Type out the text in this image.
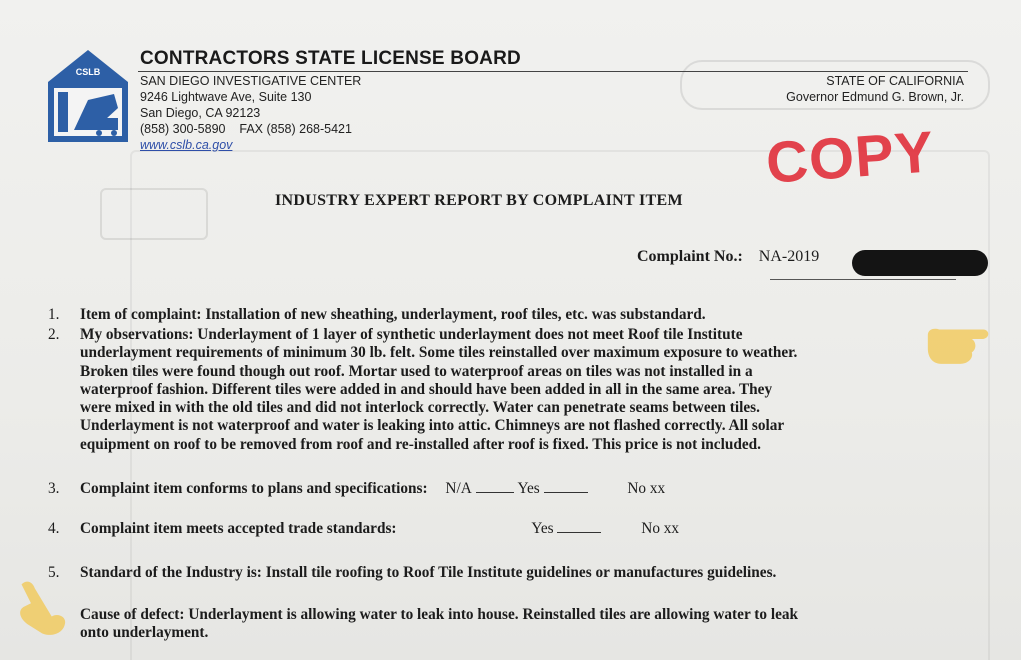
CSLB
CONTRACTORS STATE LICENSE BOARD
SAN DIEGO INVESTIGATIVE CENTER
9246 Lightwave Ave, Suite 130
San Diego, CA 92123
(858) 300-5890 FAX (858) 268-5421
www.cslb.ca.gov
STATE OF CALIFORNIA
Governor Edmund G. Brown, Jr.
COPY
INDUSTRY EXPERT REPORT BY COMPLAINT ITEM
Complaint No.: NA-2019
1. Item of complaint: Installation of new sheathing, underlayment, roof tiles, etc. was substandard.
2. My observations: Underlayment of 1 layer of synthetic underlayment does not meet Roof tile Institute
underlayment requirements of minimum 30 lb. felt. Some tiles reinstalled over maximum exposure to weather.
Broken tiles were found though out roof. Mortar used to waterproof areas on tiles was not installed in a
waterproof fashion. Different tiles were added in and should have been added in all in the same area. They
were mixed in with the old tiles and did not interlock correctly. Water can penetrate seams between tiles.
Underlayment is not waterproof and water is leaking into attic. Chimneys are not flashed correctly. All solar
equipment on roof to be removed from roof and re-installed after roof is fixed. This price is not included.
3. Complaint item conforms to plans and specifications: N/A	Yes	No xx
4. Complaint item meets accepted trade standards:	Yes	No xx
5. Standard of the Industry is: Install tile roofing to Roof Tile Institute guidelines or manufactures guidelines.
Cause of defect: Underlayment is allowing water to leak into house. Reinstalled tiles are allowing water to leak
onto underlayment.
